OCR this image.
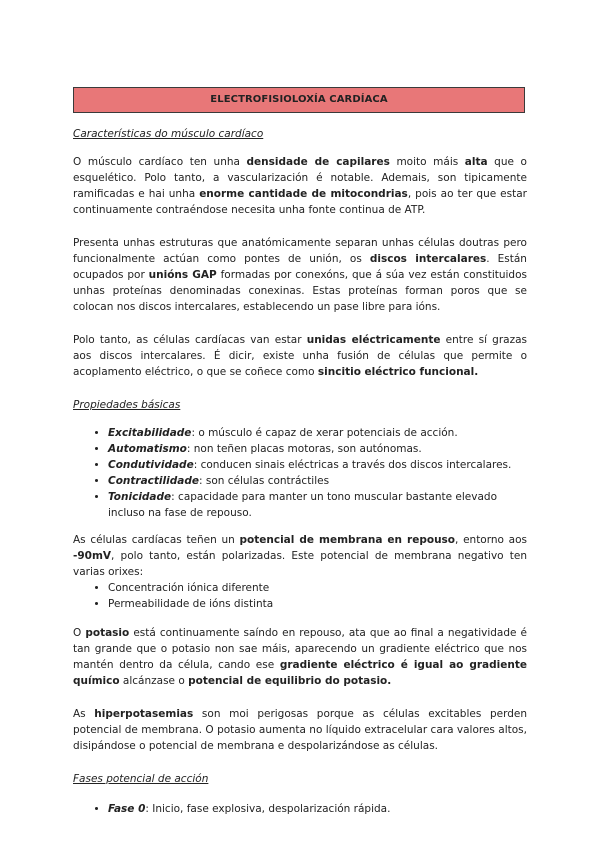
ELECTROFISIOLOXÍA CARDÍACA
Características do músculo cardíaco

O músculo cardíaco ten unha densidade de capilares moito máis alta que o esquelético. Polo tanto, a vascularización é notable. Ademais, son tipicamente ramificadas e hai unha enorme cantidade de mitocondrias, pois ao ter que estar continuamente contraéndose necesita unha fonte continua de ATP.

Presenta unhas estruturas que anatómicamente separan unhas células doutras pero funcionalmente actúan como pontes de unión, os discos intercalares. Están ocupados por unións GAP formadas por conexóns, que á súa vez están constituidos unhas proteínas denominadas conexinas. Estas proteínas forman poros que se colocan nos discos intercalares, establecendo un pase libre para ións.

Polo tanto, as células cardíacas van estar unidas eléctricamente entre sí grazas aos discos intercalares. É dicir, existe unha fusión de células que permite o acoplamento eléctrico, o que se coñece como sincitio eléctrico funcional.

Propiedades básicas
• Excitabilidade: o músculo é capaz de xerar potenciais de acción.
• Automatismo: non teñen placas motoras, son autónomas.
• Condutividade: conducen sinais eléctricas a través dos discos intercalares.
• Contractilidade: son células contráctiles
• Tonicidade: capacidade para manter un tono muscular bastante elevado incluso na fase de repouso.

As células cardíacas teñen un potencial de membrana en repouso, entorno aos -90mV, polo tanto, están polarizadas. Este potencial de membrana negativo ten varias orixes:

• Concentración iónica diferente
• Permeabilidade de ións distinta

O potasio está continuamente saíndo en repouso, ata que ao final a negatividade é tan grande que o potasio non sae máis, aparecendo un gradiente eléctrico que nos mantén dentro da célula, cando ese gradiente eléctrico é igual ao gradiente químico alcánzase o potencial de equilibrio do potasio.

As hiperpotasemias son moi perigosas porque as células excitables perden potencial de membrana. O potasio aumenta no líquido extracelular cara valores altos, disipándose o potencial de membrana e despolarizándose as células.

Fases potencial de acción
• Fase 0: Inicio, fase explosiva, despolarización rápida.
